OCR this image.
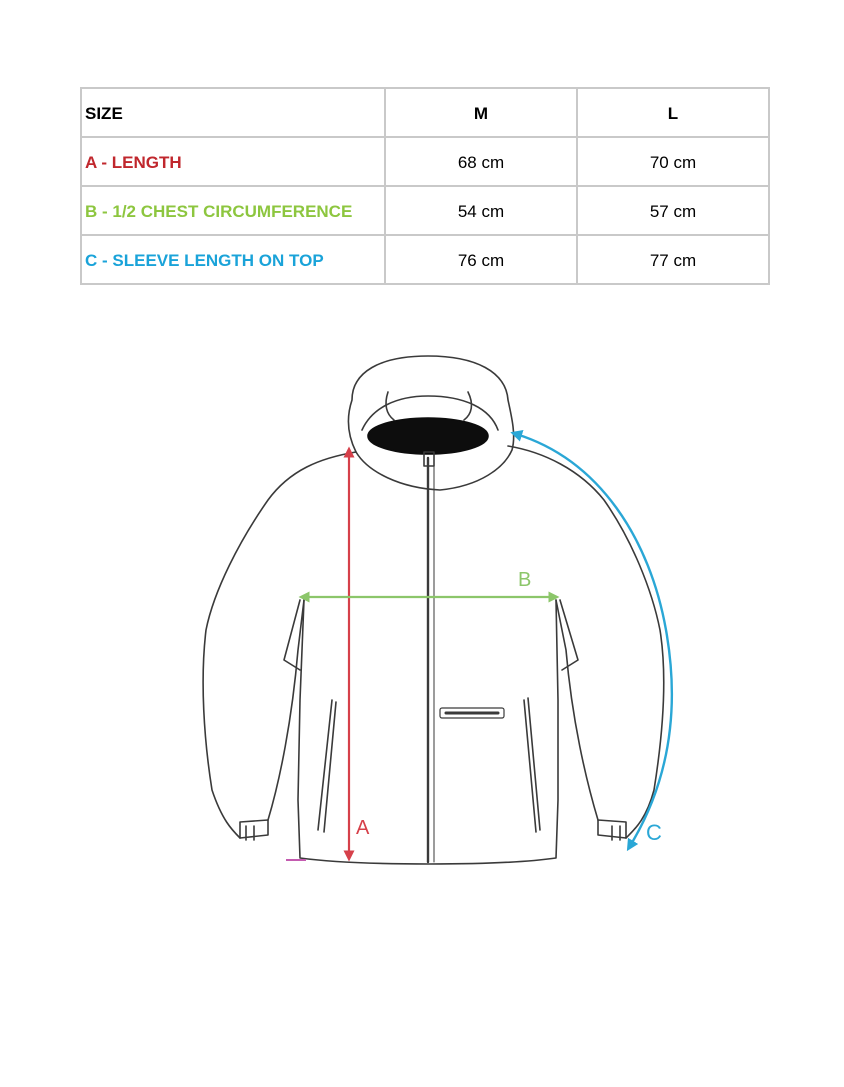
SIZE	M	L
A - LENGTH	68 cm	70 cm
B - 1/2 CHEST CIRCUMFERENCE	54 cm	57 cm
C - SLEEVE LENGTH ON TOP	76 cm	77 cm
A
B
C
